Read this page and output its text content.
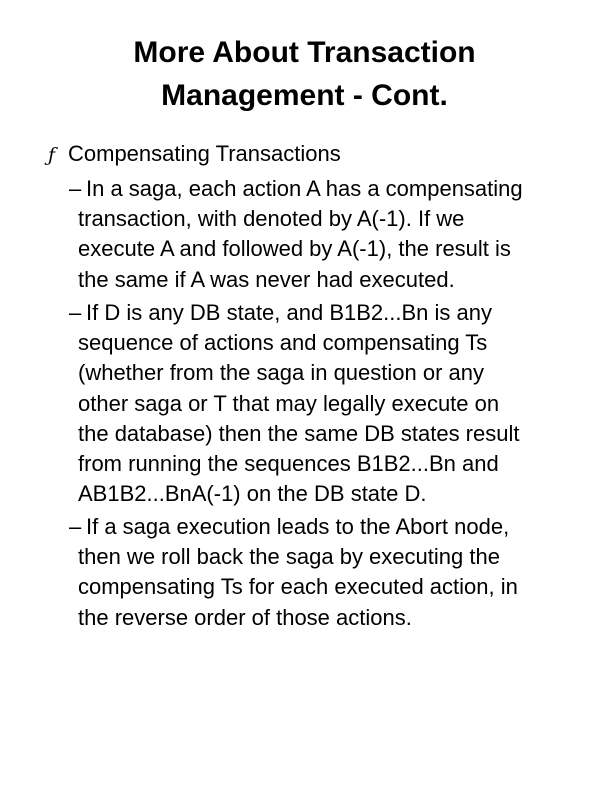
More About Transaction
Management - Cont.
ƒ Compensating Transactions
– In a saga, each action A has a compensating
transaction, with denoted by A(-1). If we
execute A and followed by A(-1), the result is
the same if A was never had executed.
– If D is any DB state, and B1B2...Bn is any
sequence of actions and compensating Ts
(whether from the saga in question or any
other saga or T that may legally execute on
the database) then the same DB states result
from running the sequences B1B2...Bn and
AB1B2...BnA(-1) on the DB state D.
– If a saga execution leads to the Abort node,
then we roll back the saga by executing the
compensating Ts for each executed action, in
the reverse order of those actions.
